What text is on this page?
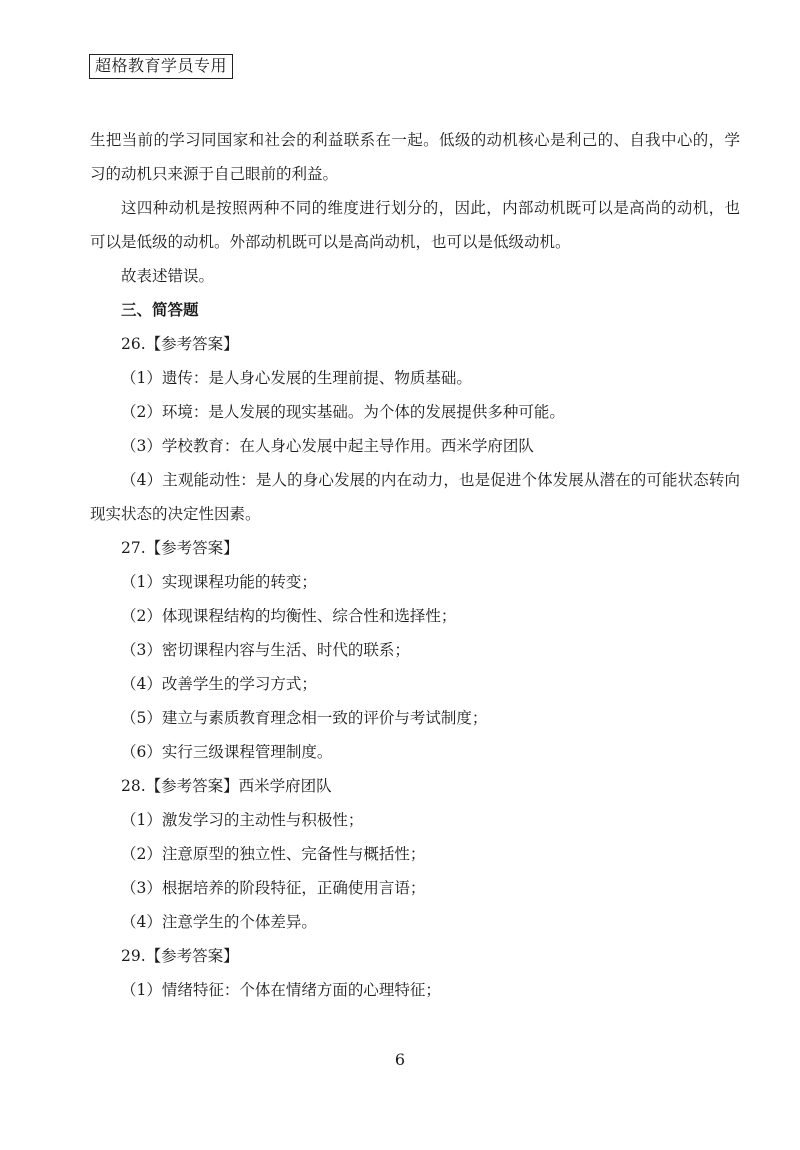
超格教育学员专用
生把当前的学习同国家和社会的利益联系在一起。低级的动机核心是利己的、自我中心的，学
习的动机只来源于自己眼前的利益。
这四种动机是按照两种不同的维度进行划分的，因此，内部动机既可以是高尚的动机，也
可以是低级的动机。外部动机既可以是高尚动机，也可以是低级动机。
故表述错误。
三、简答题
26.【参考答案】
（1）遗传：是人身心发展的生理前提、物质基础。
（2）环境：是人发展的现实基础。为个体的发展提供多种可能。
（3）学校教育：在人身心发展中起主导作用。西米学府团队
（4）主观能动性：是人的身心发展的内在动力，也是促进个体发展从潜在的可能状态转向
现实状态的决定性因素。
27.【参考答案】
（1）实现课程功能的转变；
（2）体现课程结构的均衡性、综合性和选择性；
（3）密切课程内容与生活、时代的联系；
（4）改善学生的学习方式；
（5）建立与素质教育理念相一致的评价与考试制度；
（6）实行三级课程管理制度。
28.【参考答案】西米学府团队
（1）激发学习的主动性与积极性；
（2）注意原型的独立性、完备性与概括性；
（3）根据培养的阶段特征，正确使用言语；
（4）注意学生的个体差异。
29.【参考答案】
（1）情绪特征：个体在情绪方面的心理特征；
6
